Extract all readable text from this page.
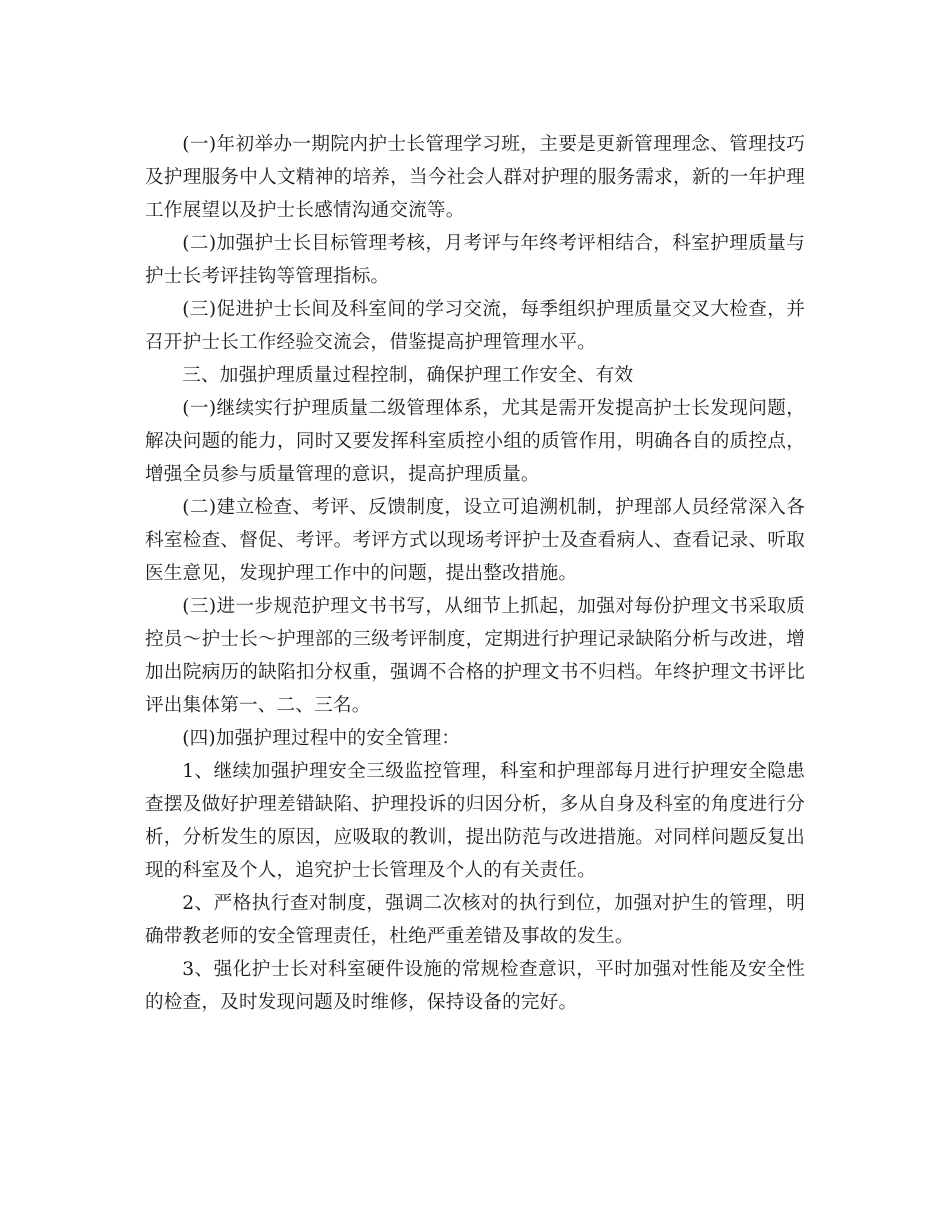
(一)年初举办一期院内护士长管理学习班，主要是更新管理理念、管理技巧及护理服务中人文精神的培养，当今社会人群对护理的服务需求，新的一年护理工作展望以及护士长感情沟通交流等。

(二)加强护士长目标管理考核，月考评与年终考评相结合，科室护理质量与护士长考评挂钩等管理指标。

(三)促进护士长间及科室间的学习交流，每季组织护理质量交叉大检查，并召开护士长工作经验交流会，借鉴提高护理管理水平。

三、加强护理质量过程控制，确保护理工作安全、有效

(一)继续实行护理质量二级管理体系，尤其是需开发提高护士长发现问题，解决问题的能力，同时又要发挥科室质控小组的质管作用，明确各自的质控点，增强全员参与质量管理的意识，提高护理质量。

(二)建立检查、考评、反馈制度，设立可追溯机制，护理部人员经常深入各科室检查、督促、考评。考评方式以现场考评护士及查看病人、查看记录、听取医生意见，发现护理工作中的问题，提出整改措施。

(三)进一步规范护理文书书写，从细节上抓起，加强对每份护理文书采取质控员～护士长～护理部的三级考评制度，定期进行护理记录缺陷分析与改进，增加出院病历的缺陷扣分权重，强调不合格的护理文书不归档。年终护理文书评比评出集体第一、二、三名。

(四)加强护理过程中的安全管理：

1、继续加强护理安全三级监控管理，科室和护理部每月进行护理安全隐患查摆及做好护理差错缺陷、护理投诉的归因分析，多从自身及科室的角度进行分析，分析发生的原因，应吸取的教训，提出防范与改进措施。对同样问题反复出现的科室及个人，追究护士长管理及个人的有关责任。

2、严格执行查对制度，强调二次核对的执行到位，加强对护生的管理，明确带教老师的安全管理责任，杜绝严重差错及事故的发生。

3、强化护士长对科室硬件设施的常规检查意识，平时加强对性能及安全性的检查，及时发现问题及时维修，保持设备的完好。
